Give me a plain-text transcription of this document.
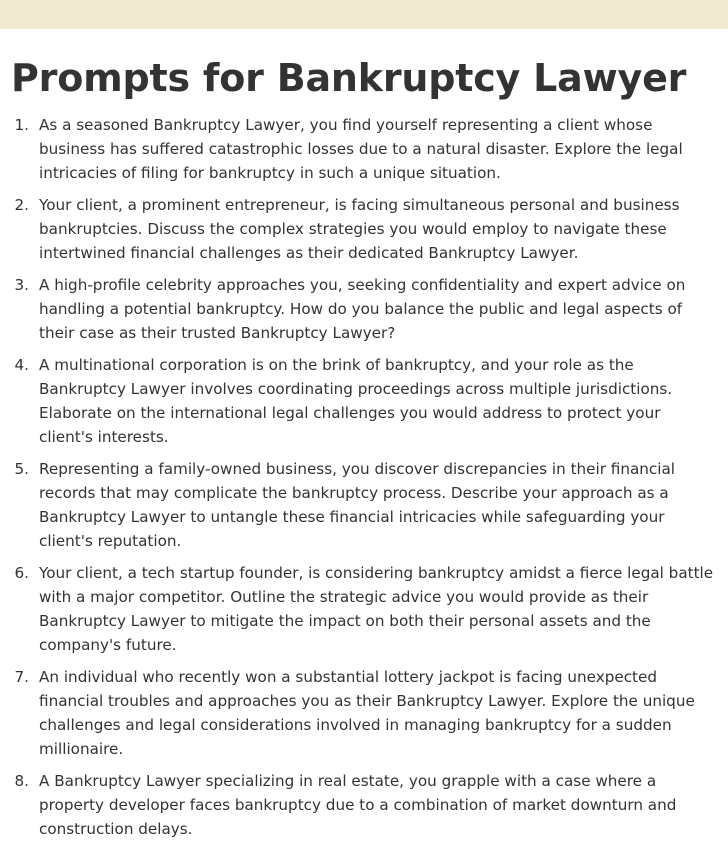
Prompts for Bankruptcy Lawyer
1. As a seasoned Bankruptcy Lawyer, you find yourself representing a client whose business has suffered catastrophic losses due to a natural disaster. Explore the legal intricacies of filing for bankruptcy in such a unique situation.
2. Your client, a prominent entrepreneur, is facing simultaneous personal and business bankruptcies. Discuss the complex strategies you would employ to navigate these intertwined financial challenges as their dedicated Bankruptcy Lawyer.
3. A high-profile celebrity approaches you, seeking confidentiality and expert advice on handling a potential bankruptcy. How do you balance the public and legal aspects of their case as their trusted Bankruptcy Lawyer?
4. A multinational corporation is on the brink of bankruptcy, and your role as the Bankruptcy Lawyer involves coordinating proceedings across multiple jurisdictions. Elaborate on the international legal challenges you would address to protect your client's interests.
5. Representing a family-owned business, you discover discrepancies in their financial records that may complicate the bankruptcy process. Describe your approach as a Bankruptcy Lawyer to untangle these financial intricacies while safeguarding your client's reputation.
6. Your client, a tech startup founder, is considering bankruptcy amidst a fierce legal battle with a major competitor. Outline the strategic advice you would provide as their Bankruptcy Lawyer to mitigate the impact on both their personal assets and the company's future.
7. An individual who recently won a substantial lottery jackpot is facing unexpected financial troubles and approaches you as their Bankruptcy Lawyer. Explore the unique challenges and legal considerations involved in managing bankruptcy for a sudden millionaire.
8. A Bankruptcy Lawyer specializing in real estate, you grapple with a case where a property developer faces bankruptcy due to a combination of market downturn and construction delays.
